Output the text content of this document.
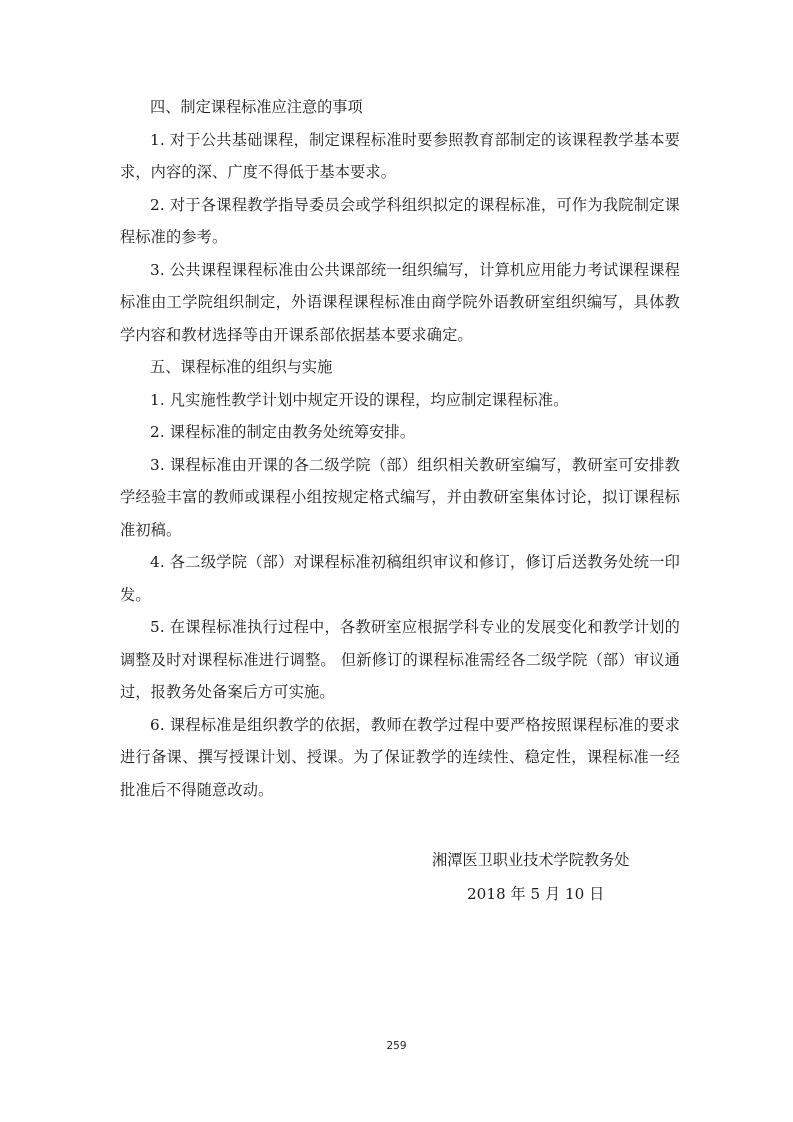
四、制定课程标准应注意的事项

1. 对于公共基础课程，制定课程标准时要参照教育部制定的该课程教学基本要求，内容的深、广度不得低于基本要求。

2. 对于各课程教学指导委员会或学科组织拟定的课程标准，可作为我院制定课程标准的参考。

3. 公共课程课程标准由公共课部统一组织编写，计算机应用能力考试课程课程标准由工学院组织制定，外语课程课程标准由商学院外语教研室组织编写，具体教学内容和教材选择等由开课系部依据基本要求确定。

五、课程标准的组织与实施

1. 凡实施性教学计划中规定开设的课程，均应制定课程标准。

2. 课程标准的制定由教务处统筹安排。

3. 课程标准由开课的各二级学院（部）组织相关教研室编写，教研室可安排教学经验丰富的教师或课程小组按规定格式编写，并由教研室集体讨论，拟订课程标准初稿。

4. 各二级学院（部）对课程标准初稿组织审议和修订，修订后送教务处统一印发。

5. 在课程标准执行过程中，各教研室应根据学科专业的发展变化和教学计划的调整及时对课程标准进行调整。 但新修订的课程标准需经各二级学院（部）审议通过，报教务处备案后方可实施。

6. 课程标准是组织教学的依据，教师在教学过程中要严格按照课程标准的要求进行备课、撰写授课计划、授课。为了保证教学的连续性、稳定性，课程标准一经批准后不得随意改动。

湘潭医卫职业技术学院教务处
2018 年 5 月 10 日
259
